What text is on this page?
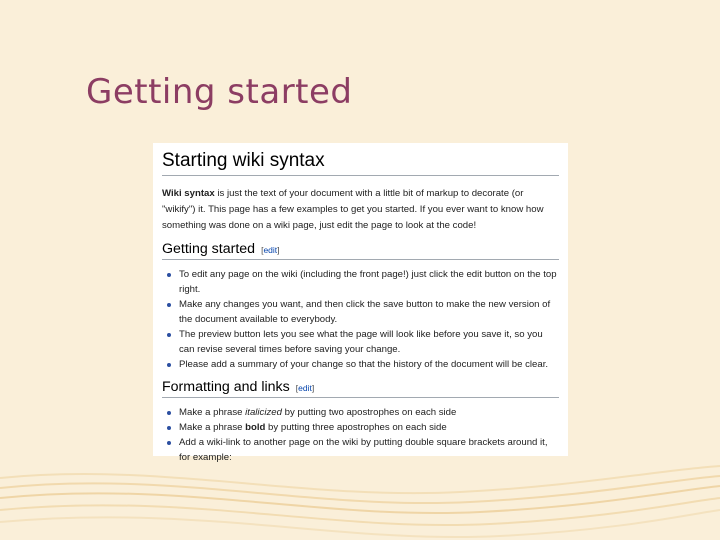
Getting started
Starting wiki syntax

Wiki syntax is just the text of your document with a little bit of markup to decorate (or "wikify") it. This page has a few examples to get you started. If you ever want to know how something was done on a wiki page, just edit the page to look at the code!

Getting started [edit]
To edit any page on the wiki (including the front page!) just click the edit button on the top right.
Make any changes you want, and then click the save button to make the new version of the document available to everybody.
The preview button lets you see what the page will look like before you save it, so you can revise several times before saving your change.
Please add a summary of your change so that the history of the document will be clear.
Formatting and links [edit]
Make a phrase italicized by putting two apostrophes on each side
Make a phrase bold by putting three apostrophes on each side
Add a wiki-link to another page on the wiki by putting double square brackets around it, for example:
